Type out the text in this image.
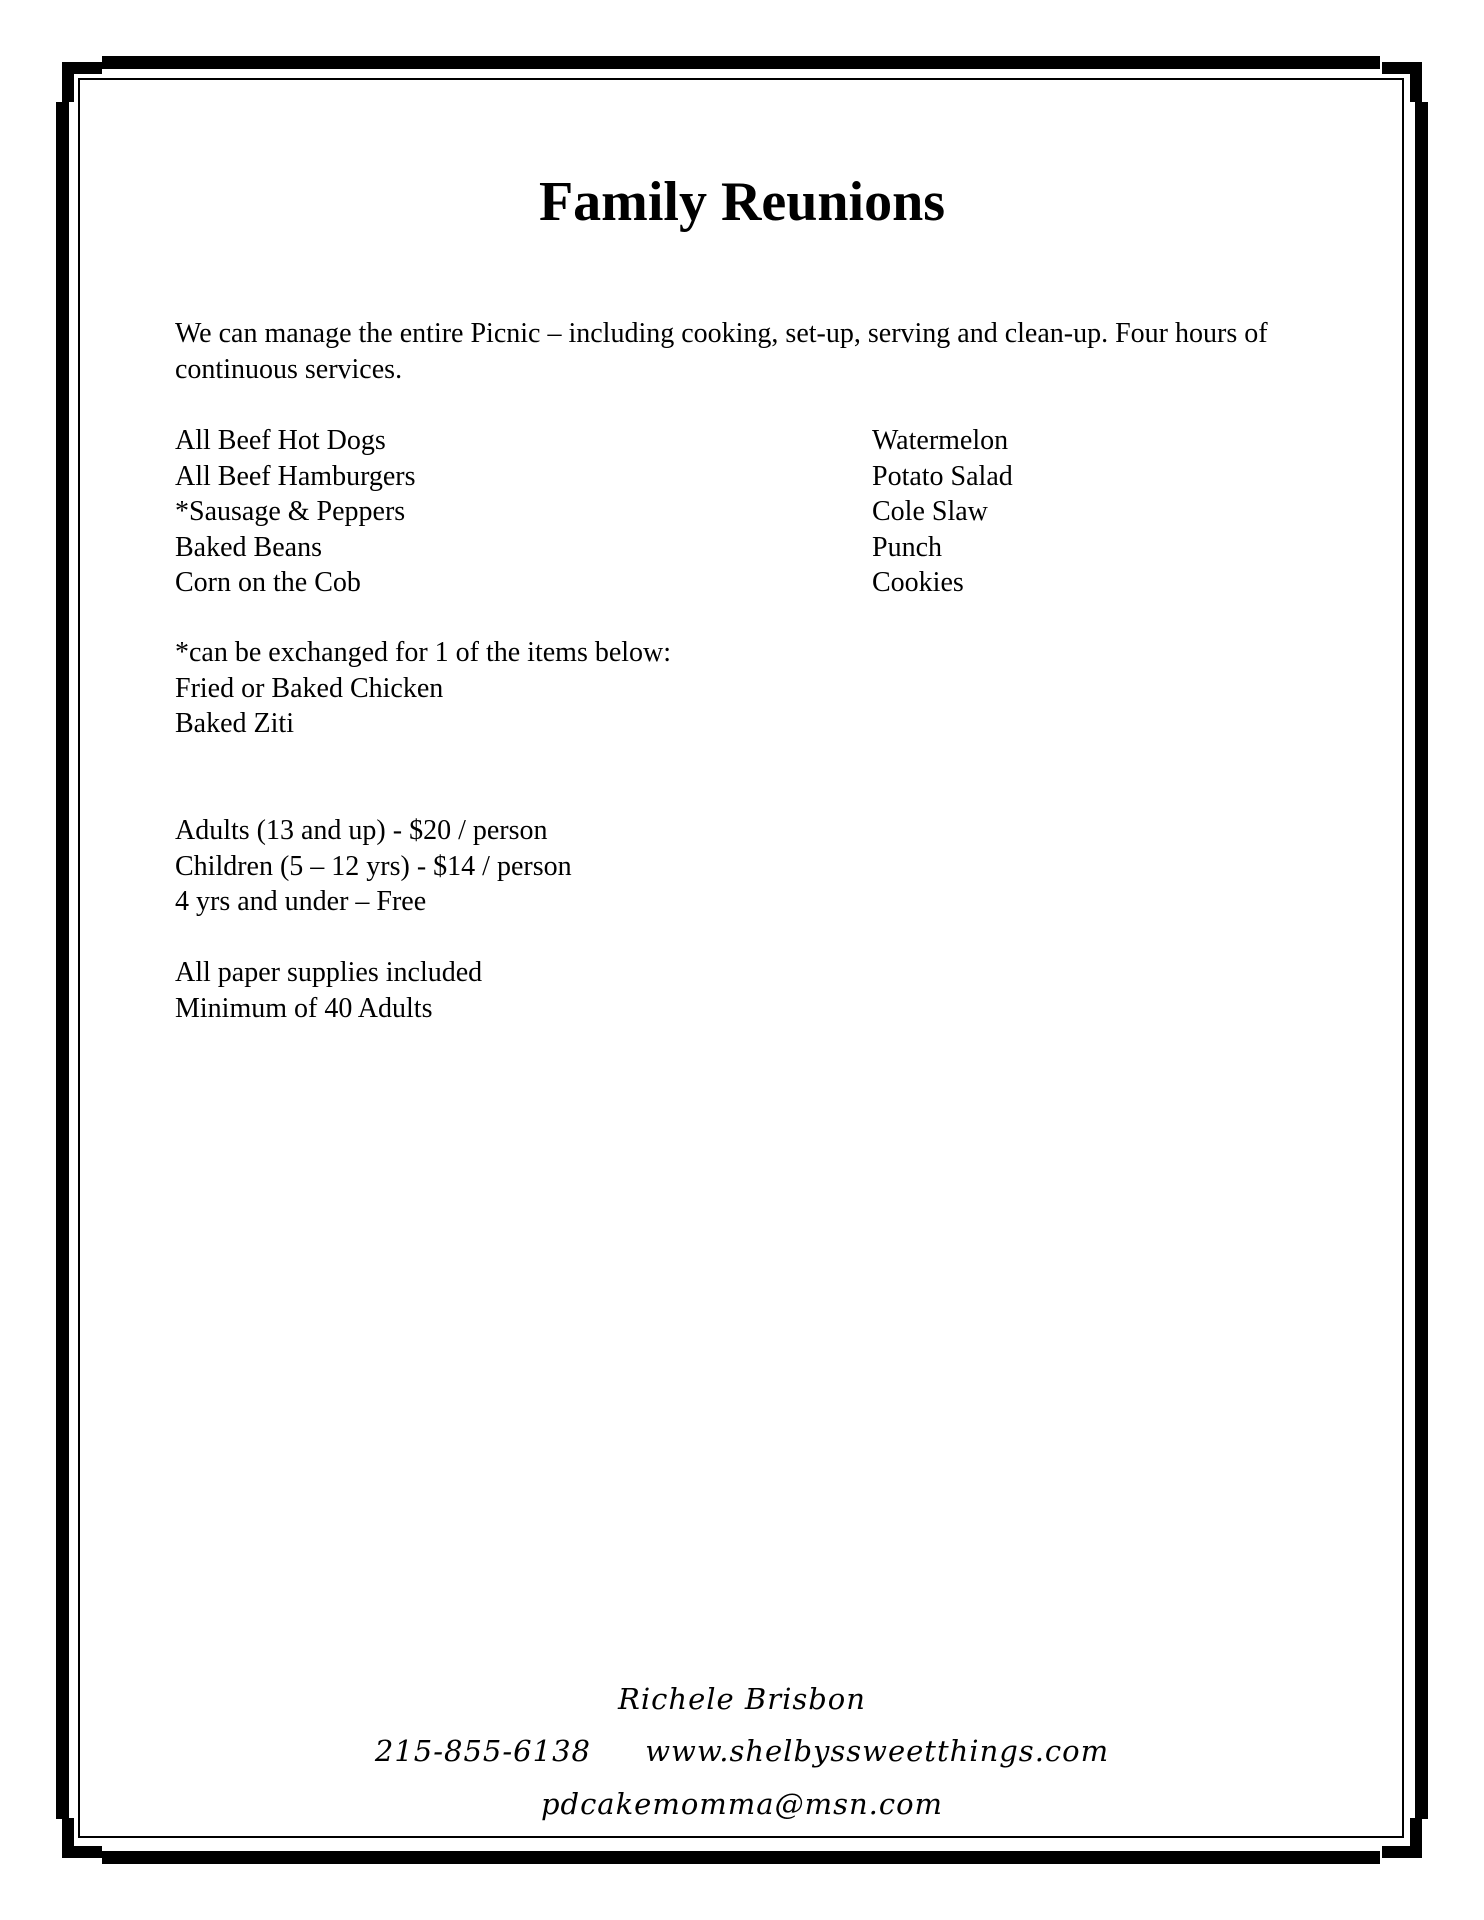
Family Reunions

We can manage the entire Picnic – including cooking, set-up, serving and clean-up. Four hours of continuous services.

All Beef Hot Dogs
All Beef Hamburgers
*Sausage & Peppers
Baked Beans
Corn on the Cob
Watermelon
Potato Salad
Cole Slaw
Punch
Cookies
*can be exchanged for 1 of the items below:
Fried or Baked Chicken
Baked Ziti
Adults (13 and up) - $20 / person
Children (5 – 12 yrs) - $14 / person
4 yrs and under – Free
All paper supplies included
Minimum of 40 Adults
Richele Brisbon
215-855-6138 www.shelbyssweetthings.com
pdcakemomma@msn.com
